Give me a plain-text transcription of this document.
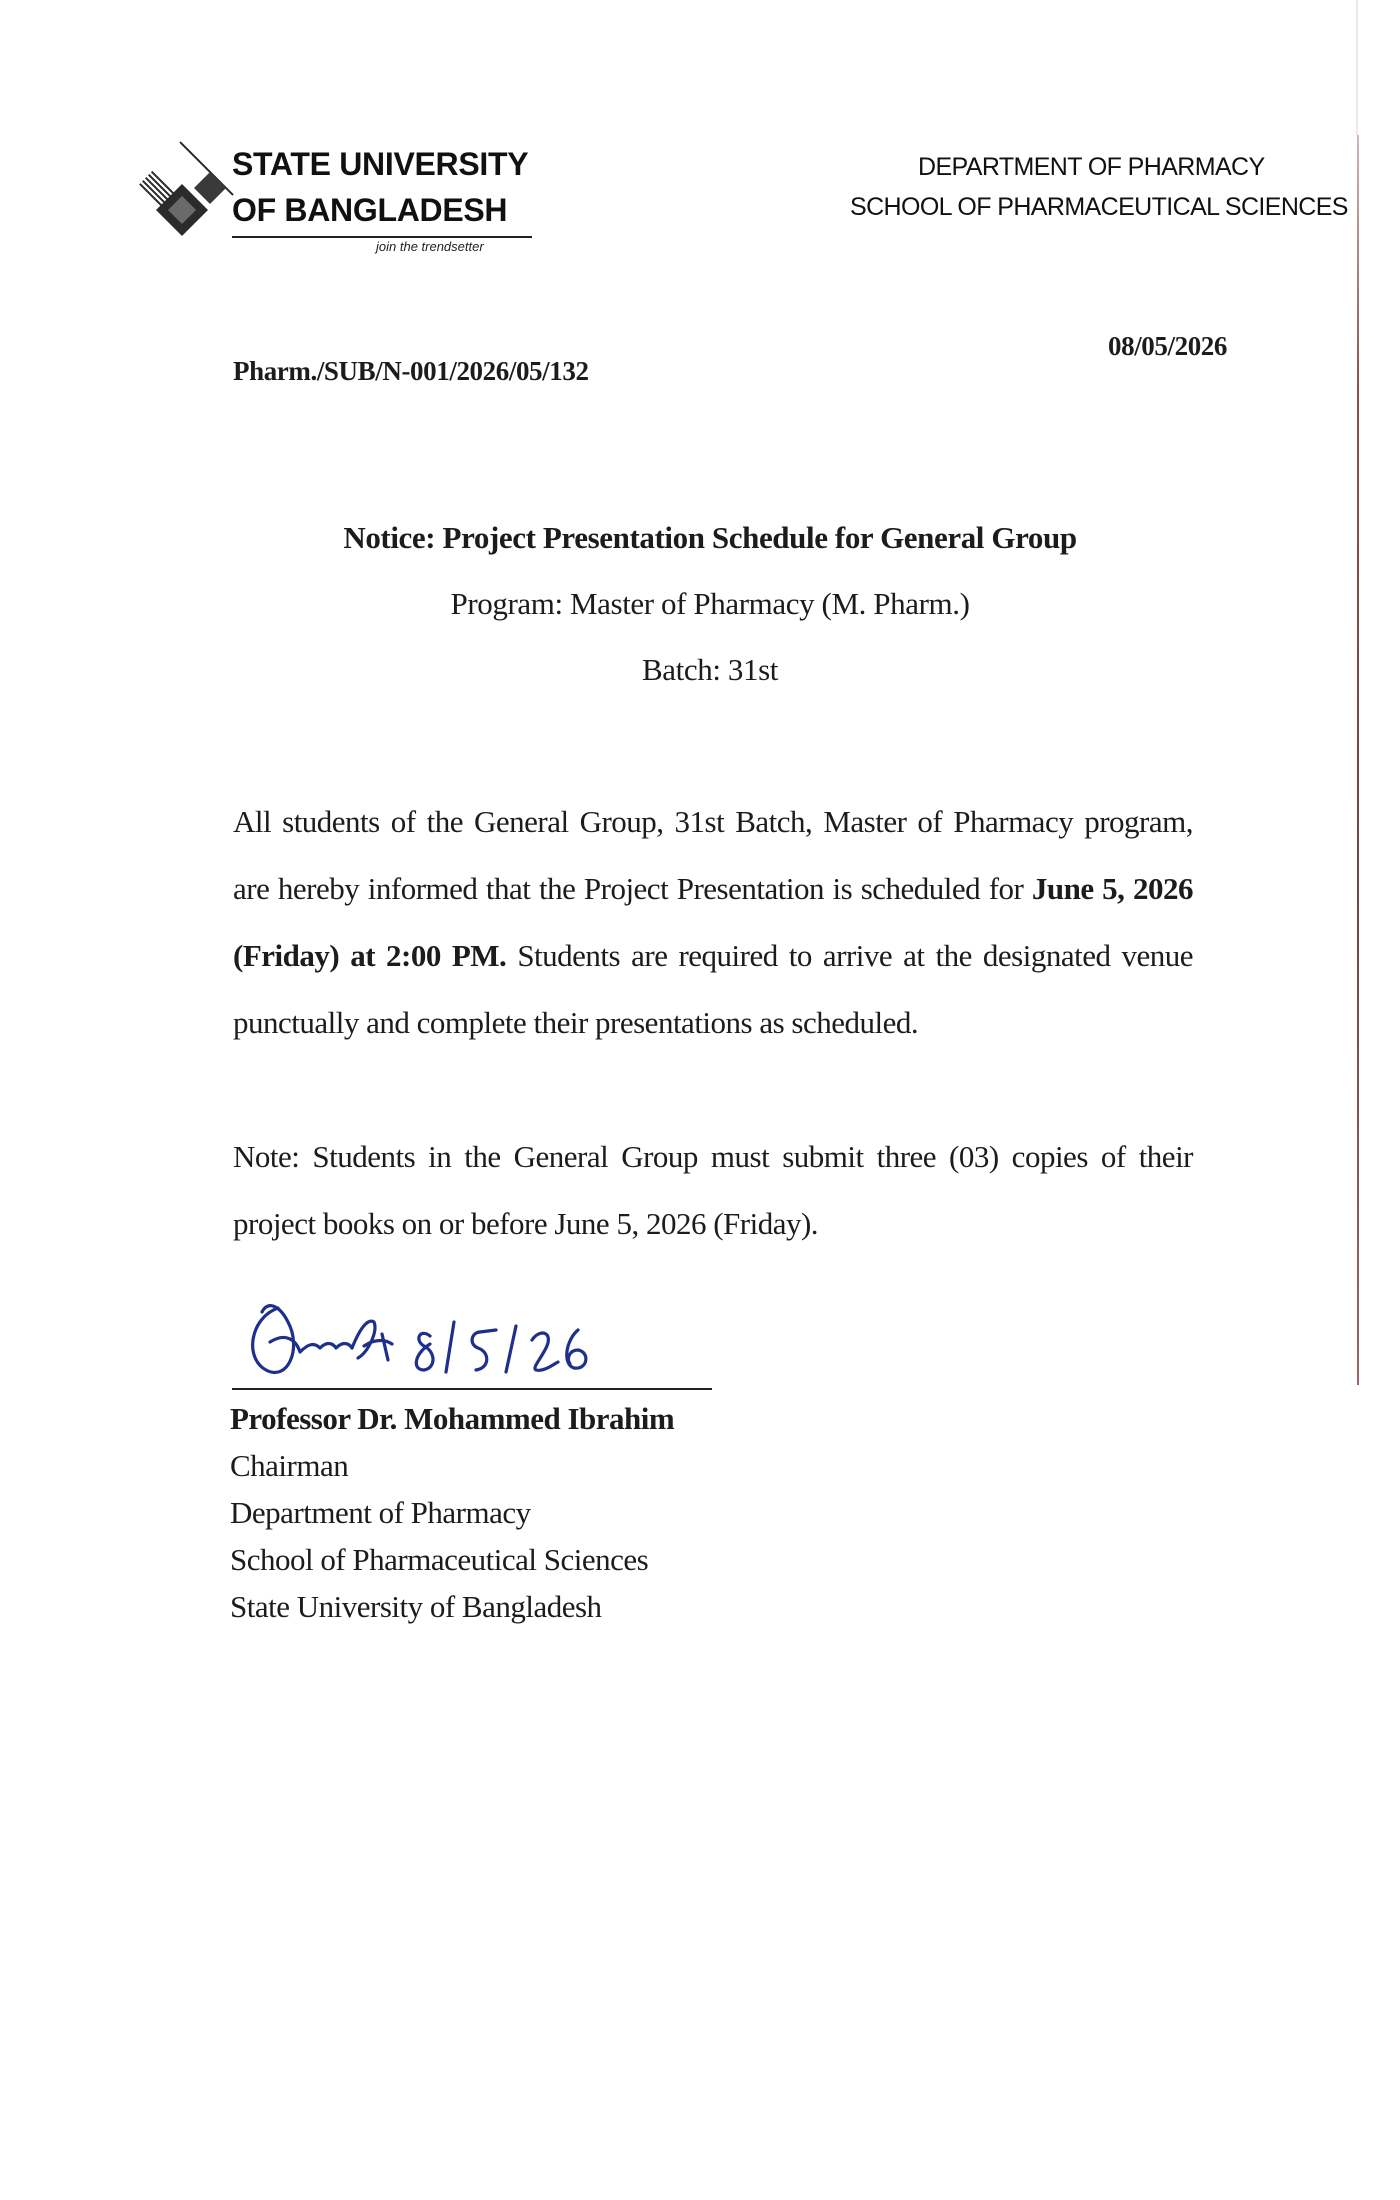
STATE UNIVERSITY
OF BANGLADESH
join the trendsetter
DEPARTMENT OF PHARMACY
SCHOOL OF PHARMACEUTICAL SCIENCES
Pharm./SUB/N-001/2026/05/132
08/05/2026
Notice: Project Presentation Schedule for General Group
Program: Master of Pharmacy (M. Pharm.)
Batch: 31st
All students of the General Group, 31st Batch, Master of Pharmacy program, are hereby informed that the Project Presentation is scheduled for June 5, 2026 (Friday) at 2:00 PM. Students are required to arrive at the designated venue punctually and complete their presentations as scheduled.
Note: Students in the General Group must submit three (03) copies of their project books on or before June 5, 2026 (Friday).
Professor Dr. Mohammed Ibrahim
Chairman
Department of Pharmacy
School of Pharmaceutical Sciences
State University of Bangladesh
